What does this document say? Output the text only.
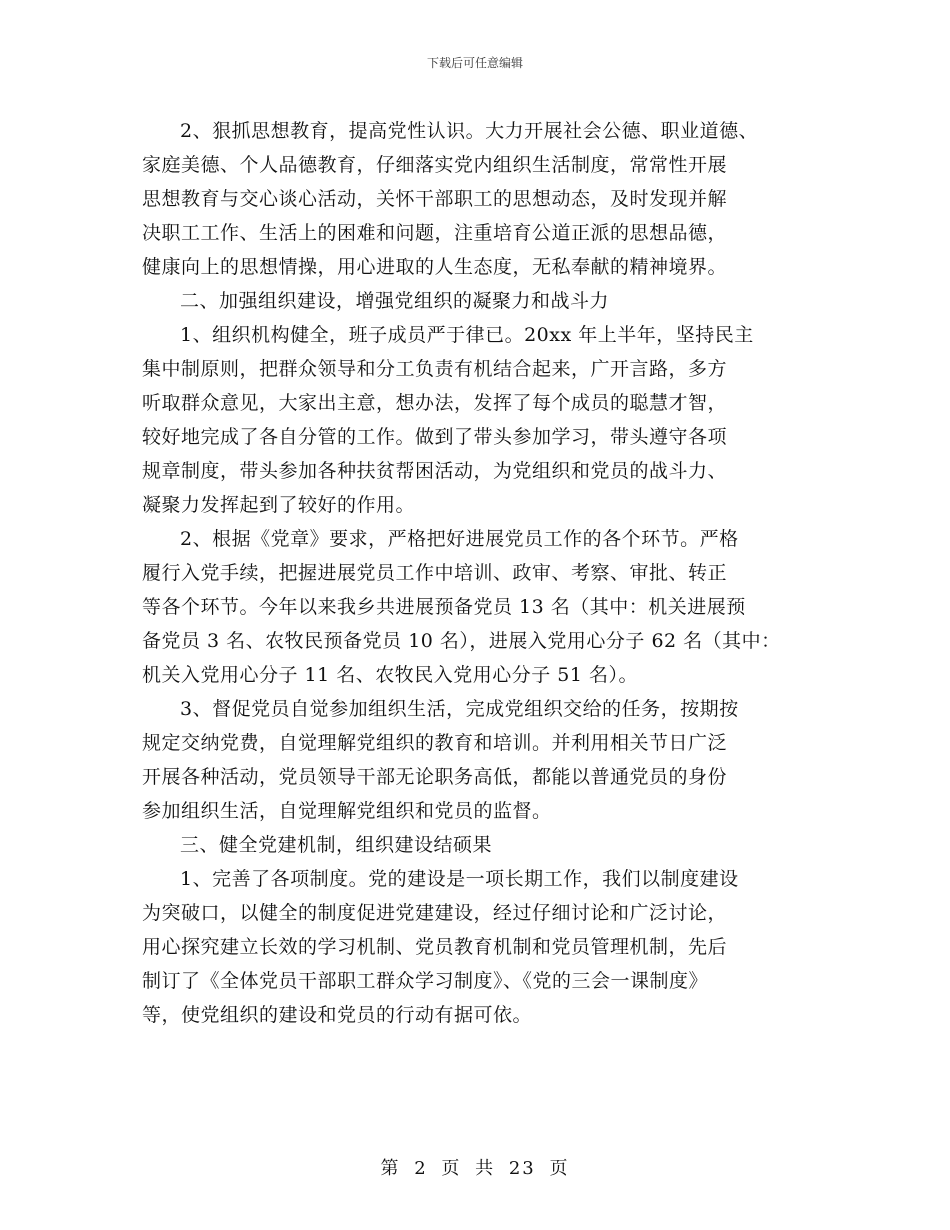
下载后可任意编辑

2、狠抓思想教育，提高党性认识。大力开展社会公德、职业道德、
家庭美德、个人品德教育，仔细落实党内组织生活制度，常常性开展
思想教育与交心谈心活动，关怀干部职工的思想动态，及时发现并解
决职工工作、生活上的困难和问题，注重培育公道正派的思想品德，
健康向上的思想情操，用心进取的人生态度，无私奉献的精神境界。

二、加强组织建设，增强党组织的凝聚力和战斗力

1、组织机构健全，班子成员严于律已。20xx 年上半年，坚持民主
集中制原则，把群众领导和分工负责有机结合起来，广开言路，多方
听取群众意见，大家出主意，想办法，发挥了每个成员的聪慧才智，
较好地完成了各自分管的工作。做到了带头参加学习，带头遵守各项
规章制度，带头参加各种扶贫帮困活动，为党组织和党员的战斗力、
凝聚力发挥起到了较好的作用。

2、根据《党章》要求，严格把好进展党员工作的各个环节。严格
履行入党手续，把握进展党员工作中培训、政审、考察、审批、转正
等各个环节。今年以来我乡共进展预备党员 13 名（其中：机关进展预
备党员 3 名、农牧民预备党员 10 名），进展入党用心分子 62 名（其中：
机关入党用心分子 11 名、农牧民入党用心分子 51 名）。

3、督促党员自觉参加组织生活，完成党组织交给的任务，按期按
规定交纳党费，自觉理解党组织的教育和培训。并利用相关节日广泛
开展各种活动，党员领导干部无论职务高低，都能以普通党员的身份
参加组织生活，自觉理解党组织和党员的监督。

三、健全党建机制，组织建设结硕果

1、完善了各项制度。党的建设是一项长期工作，我们以制度建设
为突破口，以健全的制度促进党建建设，经过仔细讨论和广泛讨论，
用心探究建立长效的学习机制、党员教育机制和党员管理机制，先后
制订了《全体党员干部职工群众学习制度》、《党的三会一课制度》
等，使党组织的建设和党员的行动有据可依。

第 2 页 共 23 页
